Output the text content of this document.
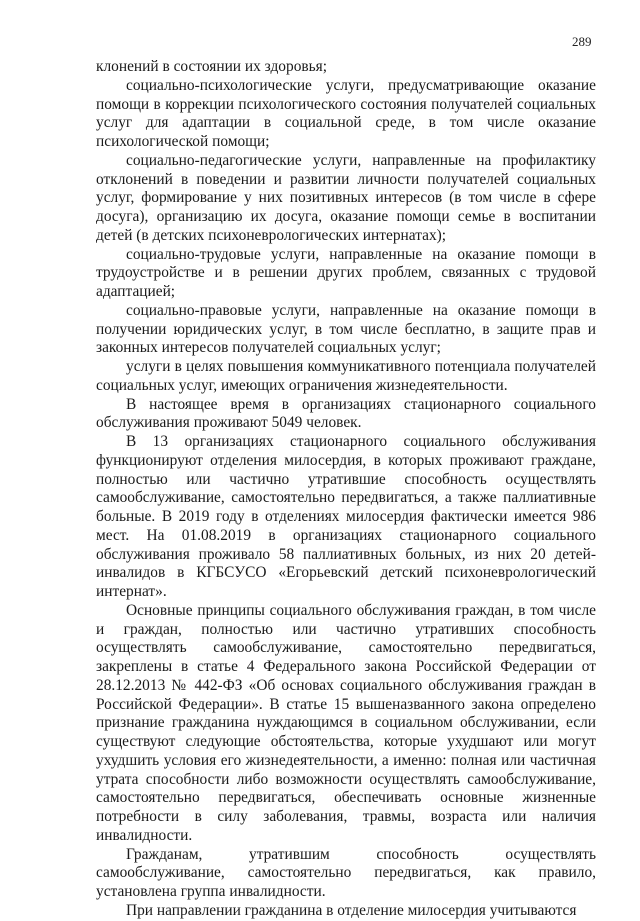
289

клонений в состоянии их здоровья;

социально-психологические услуги, предусматривающие оказание помощи в коррекции психологического состояния получателей социальных услуг для адаптации в социальной среде, в том числе оказание психологической помощи;

социально-педагогические услуги, направленные на профилактику отклонений в поведении и развитии личности получателей социальных услуг, формирование у них позитивных интересов (в том числе в сфере досуга), организацию их досуга, оказание помощи семье в воспитании детей (в детских психоневрологических интернатах);

социально-трудовые услуги, направленные на оказание помощи в трудоустройстве и в решении других проблем, связанных с трудовой адаптацией;

социально-правовые услуги, направленные на оказание помощи в получении юридических услуг, в том числе бесплатно, в защите прав и законных интересов получателей социальных услуг;

услуги в целях повышения коммуникативного потенциала получателей социальных услуг, имеющих ограничения жизнедеятельности.

В настоящее время в организациях стационарного социального обслуживания проживают 5049 человек.

В 13 организациях стационарного социального обслуживания функционируют отделения милосердия, в которых проживают граждане, полностью или частично утратившие способность осуществлять самообслуживание, самостоятельно передвигаться, а также паллиативные больные. В 2019 году в отделениях милосердия фактически имеется 986 мест. На 01.08.2019 в организациях стационарного социального обслуживания проживало 58 паллиативных больных, из них 20 детей-инвалидов в КГБСУСО «Егорьевский детский психоневрологический интернат».

Основные принципы социального обслуживания граждан, в том числе и граждан, полностью или частично утративших способность осуществлять самообслуживание, самостоятельно передвигаться, закреплены в статье 4 Федерального закона Российской Федерации от 28.12.2013 № 442-ФЗ «Об основах социального обслуживания граждан в Российской Федерации». В статье 15 вышеназванного закона определено признание гражданина нуждающимся в социальном обслуживании, если существуют следующие обстоятельства, которые ухудшают или могут ухудшить условия его жизнедеятельности, а именно: полная или частичная утрата способности либо возможности осуществлять самообслуживание, самостоятельно передвигаться, обеспечивать основные жизненные потребности в силу заболевания, травмы, возраста или наличия инвалидности.

Гражданам, утратившим способность осуществлять самообслуживание, самостоятельно передвигаться, как правило, установлена группа инвалидности.

При направлении гражданина в отделение милосердия учитываются
